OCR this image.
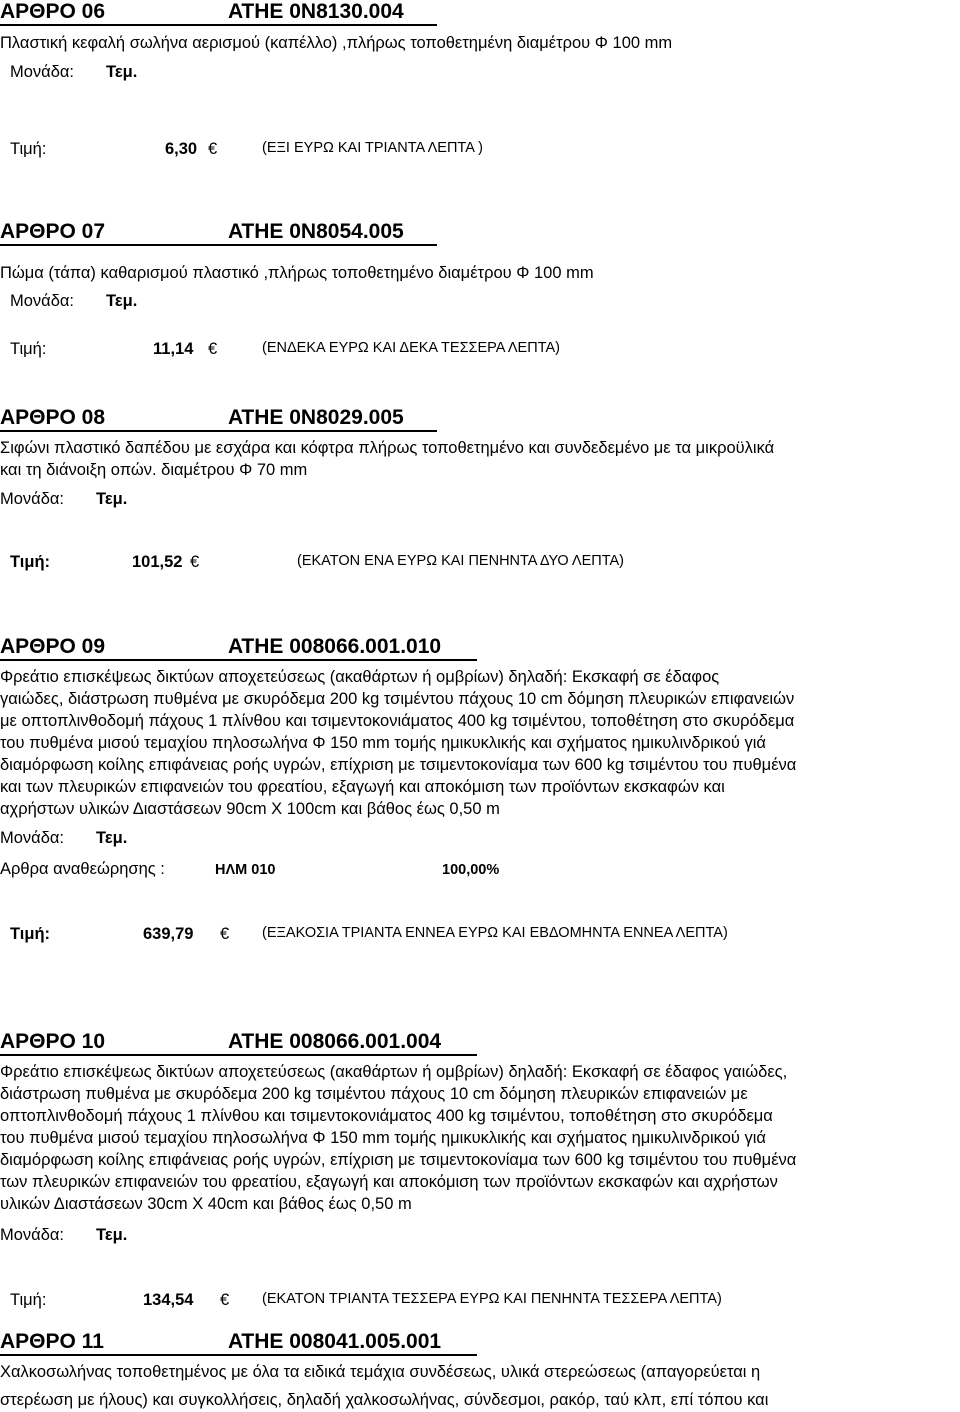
ΑΡΘΡΟ 06	ΑΤΗΕ 0Ν8130.004
Πλαστική κεφαλή σωλήνα αερισμού (καπέλλο) ,πλήρως τοποθετημένη διαμέτρου Φ 100 mm
Μονάδα: Τεμ.
Τιμή:	6,30 €	(ΕΞΙ ΕΥΡΩ ΚΑΙ ΤΡΙΑΝΤΑ ΛΕΠΤΑ )
ΑΡΘΡΟ 07	ΑΤΗΕ 0Ν8054.005
Πώμα (τάπα) καθαρισμού πλαστικό ,πλήρως τοποθετημένο διαμέτρου Φ 100 mm
Μονάδα: Τεμ.
Τιμή:	11,14 €	(ΕΝΔΕΚΑ ΕΥΡΩ ΚΑΙ ΔΕΚΑ ΤΕΣΣΕΡΑ ΛΕΠΤΑ)
ΑΡΘΡΟ 08	ΑΤΗΕ 0Ν8029.005
Σιφώνι πλαστικό δαπέδου με εσχάρα και κόφτρα πλήρως τοποθετημένο και συνδεδεμένο με τα μικροϋλικά
και τη διάνοιξη οπών. διαμέτρου Φ 70 mm
Μονάδα: Τεμ.
Τιμή:	101,52 €	(ΕΚΑΤΟΝ ΕΝΑ ΕΥΡΩ ΚΑΙ ΠΕΝΗΝΤΑ ΔΥΟ ΛΕΠΤΑ)
ΑΡΘΡΟ 09	ΑΤΗΕ 008066.001.010
Φρεάτιο επισκέψεως δικτύων αποχετεύσεως (ακαθάρτων ή ομβρίων) δηλαδή: Εκσκαφή σε έδαφος
γαιώδες, διάστρωση πυθμένα με σκυρόδεμα 200 kg τσιμέντου πάχους 10 cm δόμηση πλευρικών επιφανειών
με οπτοπλινθοδομή πάχους 1 πλίνθου και τσιμεντοκονιάματος 400 kg τσιμέντου, τοποθέτηση στο σκυρόδεμα
του πυθμένα μισού τεμαχίου πηλοσωλήνα Φ 150 mm τομής ημικυκλικής και σχήματος ημικυλινδρικού γιά
διαμόρφωση κοίλης επιφάνειας ροής υγρών, επίχριση με τσιμεντοκονίαμα των 600 kg τσιμέντου του πυθμένα
και των πλευρικών επιφανειών του φρεατίου, εξαγωγή και αποκόμιση των προϊόντων εκσκαφών και
αχρήστων υλικών Διαστάσεων 90cm Χ 100cm και βάθος έως 0,50 m
Μονάδα: Τεμ.
Αρθρα αναθεώρησης :	ΗΛΜ 010	100,00%
Τιμή:	639,79 € (ΕΞΑΚΟΣΙΑ ΤΡΙΑΝΤΑ ΕΝΝΕΑ ΕΥΡΩ ΚΑΙ ΕΒΔΟΜΗΝΤΑ ΕΝΝΕΑ ΛΕΠΤΑ)
ΑΡΘΡΟ 10	ΑΤΗΕ 008066.001.004
Φρεάτιο επισκέψεως δικτύων αποχετεύσεως (ακαθάρτων ή ομβρίων) δηλαδή: Εκσκαφή σε έδαφος γαιώδες,
διάστρωση πυθμένα με σκυρόδεμα 200 kg τσιμέντου πάχους 10 cm δόμηση πλευρικών επιφανειών με
οπτοπλινθοδομή πάχους 1 πλίνθου και τσιμεντοκονιάματος 400 kg τσιμέντου, τοποθέτηση στο σκυρόδεμα
του πυθμένα μισού τεμαχίου πηλοσωλήνα Φ 150 mm τομής ημικυκλικής και σχήματος ημικυλινδρικού γιά
διαμόρφωση κοίλης επιφάνειας ροής υγρών, επίχριση με τσιμεντοκονίαμα των 600 kg τσιμέντου του πυθμένα
των πλευρικών επιφανειών του φρεατίου, εξαγωγή και αποκόμιση των προϊόντων εκσκαφών και αχρήστων
υλικών Διαστάσεων 30cm Χ 40cm και βάθος έως 0,50 m
Μονάδα: Τεμ.
Τιμή:	134,54 € (ΕΚΑΤΟΝ ΤΡΙΑΝΤΑ ΤΕΣΣΕΡΑ ΕΥΡΩ ΚΑΙ ΠΕΝΗΝΤΑ ΤΕΣΣΕΡΑ ΛΕΠΤΑ)
ΑΡΘΡΟ 11	ΑΤΗΕ 008041.005.001
Χαλκοσωλήνας τοποθετημένος με όλα τα ειδικά τεμάχια συνδέσεως, υλικά στερεώσεως (απαγορεύεται η
στερέωση με ήλους) και συγκολλήσεις, δηλαδή χαλκοσωλήνας, σύνδεσμοι, ρακόρ, ταύ κλπ, επί τόπου και
